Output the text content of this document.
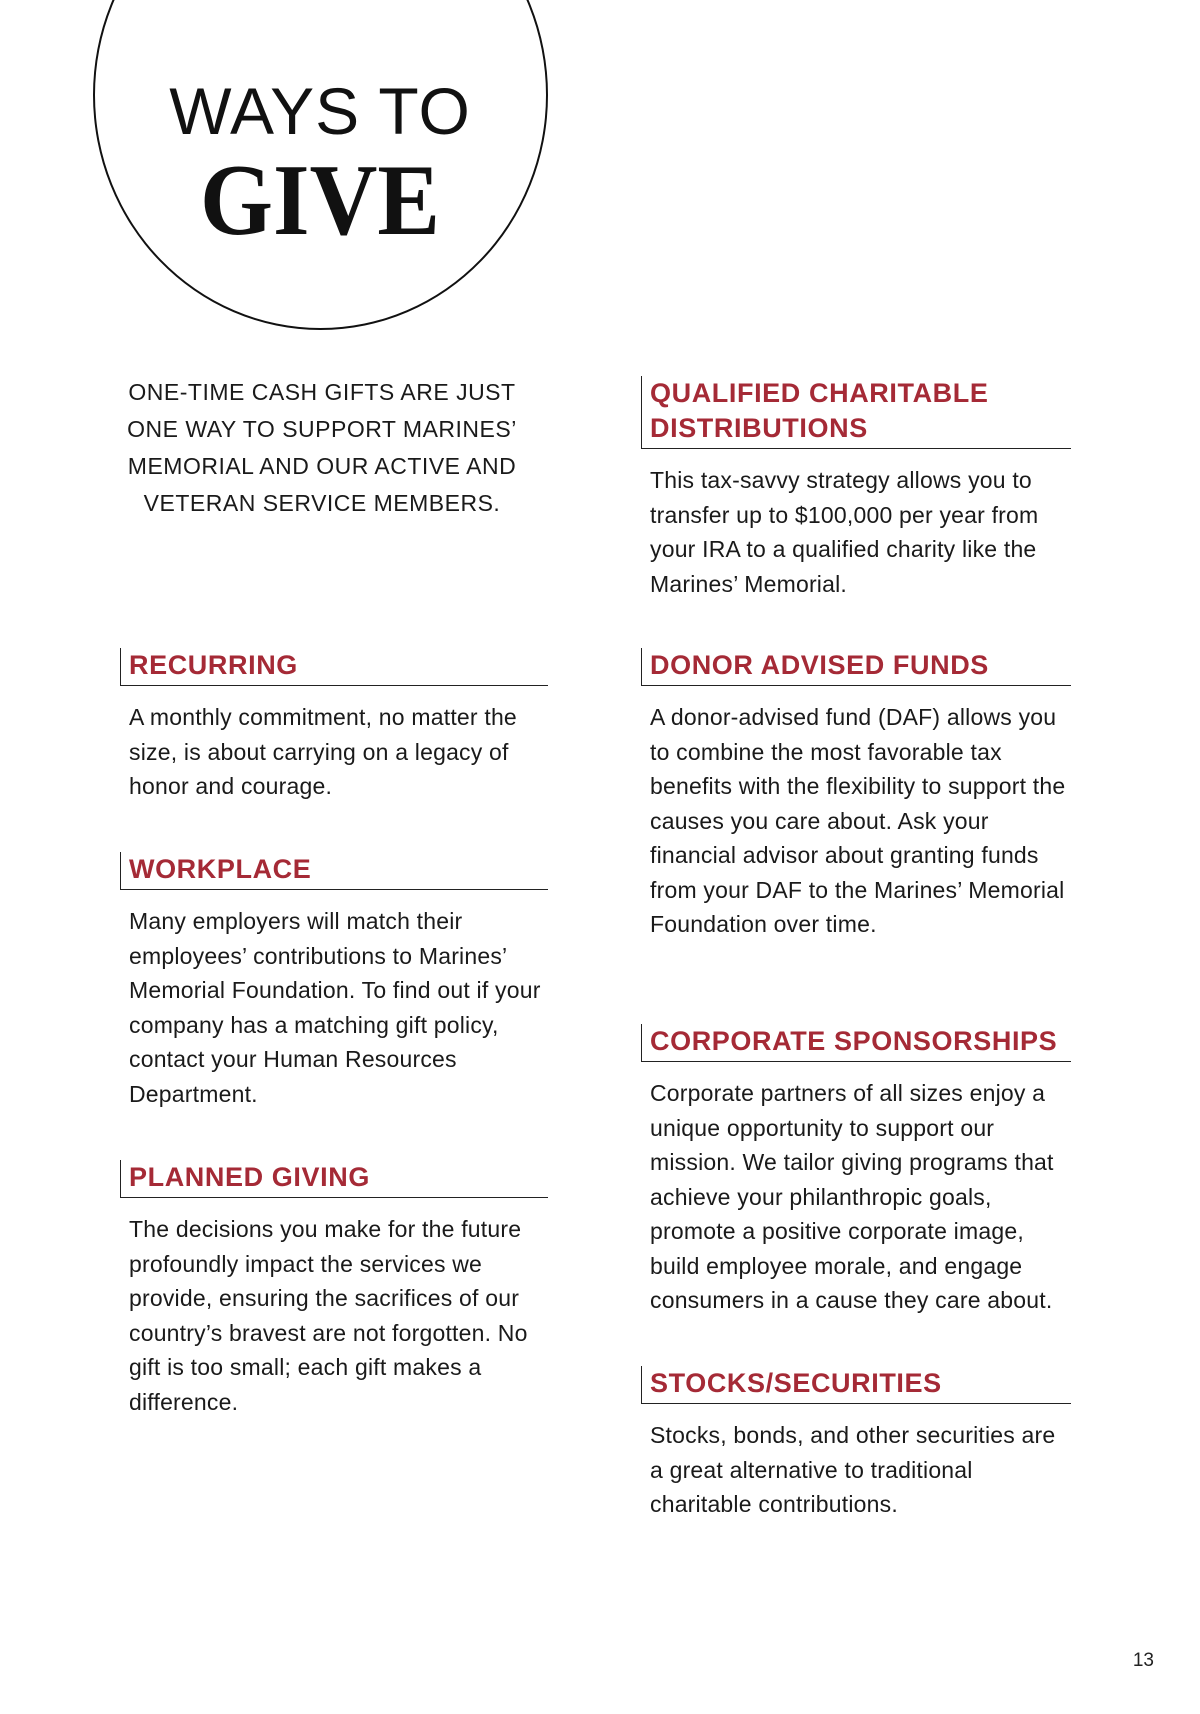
WAYS TO
GIVE
ONE-TIME CASH GIFTS ARE JUST ONE WAY TO SUPPORT MARINES’ MEMORIAL AND OUR ACTIVE AND VETERAN SERVICE MEMBERS.
RECURRING
A monthly commitment, no matter the size, is about carrying on a legacy of honor and courage.
WORKPLACE
Many employers will match their employees’ contributions to Marines’ Memorial Foundation. To find out if your company has a matching gift policy, contact your Human Resources Department.
PLANNED GIVING
The decisions you make for the future profoundly impact the services we provide, ensuring the sacrifices of our country’s bravest are not forgotten. No gift is too small; each gift makes a difference.
QUALIFIED CHARITABLE DISTRIBUTIONS
This tax-savvy strategy allows you to transfer up to $100,000 per year from your IRA to a qualified charity like the Marines’ Memorial.
DONOR ADVISED FUNDS
A donor-advised fund (DAF) allows you to combine the most favorable tax benefits with the flexibility to support the causes you care about. Ask your financial advisor about granting funds from your DAF to the Marines’ Memorial Foundation over time.
CORPORATE SPONSORSHIPS
Corporate partners of all sizes enjoy a unique opportunity to support our mission. We tailor giving programs that achieve your philanthropic goals, promote a positive corporate image, build employee morale, and engage consumers in a cause they care about.
STOCKS/SECURITIES
Stocks, bonds, and other securities are a great alternative to traditional charitable contributions.
13
